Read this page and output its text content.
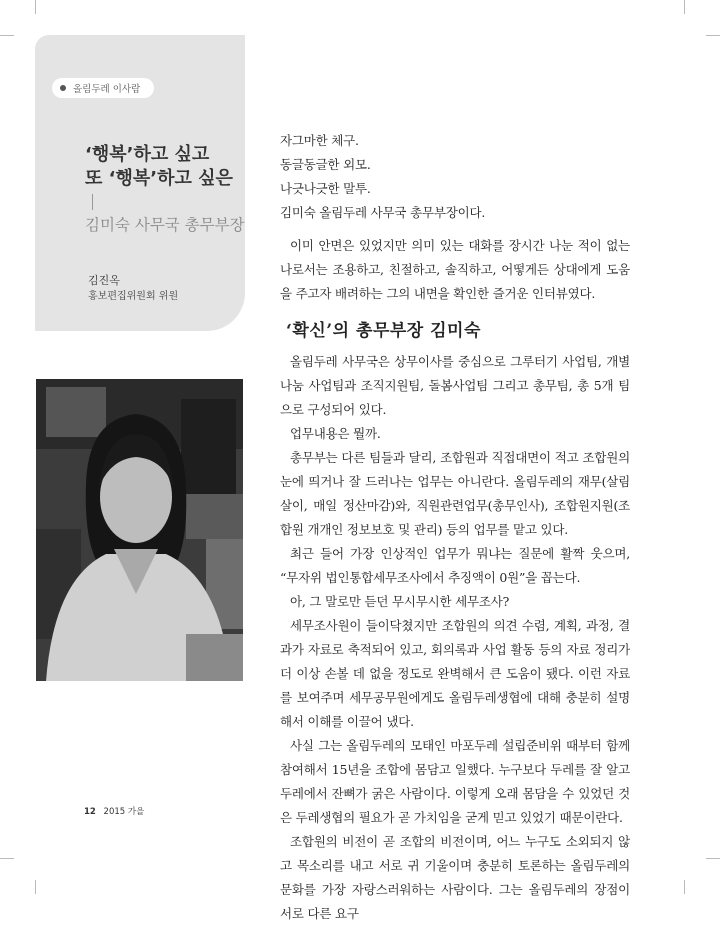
올림두레 이사람
‘행복’하고 싶고
또 ‘행복’하고 싶은
김미숙 사무국 총무부장
김진옥
홍보편집위원회 위원

자그마한 체구.

동글동글한 외모.

나긋나긋한 말투.

김미숙 올림두레 사무국 총무부장이다.

이미 안면은 있었지만 의미 있는 대화를 장시간 나눈 적이 없는 나로서는 조용하고, 친절하고, 솔직하고, 어떻게든 상대에게 도움을 주고자 배려하는 그의 내면을 확인한 즐거운 인터뷰였다.

‘확신’의 총무부장 김미숙

올림두레 사무국은 상무이사를 중심으로 그루터기 사업팀, 개별나눔 사업팀과 조직지원팀, 돌봄사업팀 그리고 총무팀, 총 5개 팀으로 구성되어 있다.

업무내용은 뭘까.

총무부는 다른 팀들과 달리, 조합원과 직접대면이 적고 조합원의 눈에 띄거나 잘 드러나는 업무는 아니란다. 올림두레의 재무(살림살이, 매일 정산마감)와, 직원관련업무(총무인사), 조합원지원(조합원 개개인 정보보호 및 관리) 등의 업무를 맡고 있다.

최근 들어 가장 인상적인 업무가 뭐냐는 질문에 활짝 웃으며, “무자위 법인통합세무조사에서 추징액이 0원”을 꼽는다.

아, 그 말로만 듣던 무시무시한 세무조사?

세무조사원이 들이닥쳤지만 조합원의 의견 수렴, 계획, 과정, 결과가 자료로 축적되어 있고, 회의록과 사업 활동 등의 자료 정리가 더 이상 손볼 데 없을 정도로 완벽해서 큰 도움이 됐다. 이런 자료를 보여주며 세무공무원에게도 올림두레생협에 대해 충분히 설명해서 이해를 이끌어 냈다.

사실 그는 올림두레의 모태인 마포두레 설립준비위 때부터 함께 참여해서 15년을 조합에 몸담고 일했다. 누구보다 두레를 잘 알고 두레에서 잔뼈가 굵은 사람이다. 이렇게 오래 몸담을 수 있었던 것은 두레생협의 필요가 곧 가치임을 굳게 믿고 있었기 때문이란다.

조합원의 비전이 곧 조합의 비전이며, 어느 누구도 소외되지 않고 목소리를 내고 서로 귀 기울이며 충분히 토론하는 올림두레의 문화를 가장 자랑스러워하는 사람이다. 그는 올림두레의 장점이 서로 다른 요구

12 2015 가을
